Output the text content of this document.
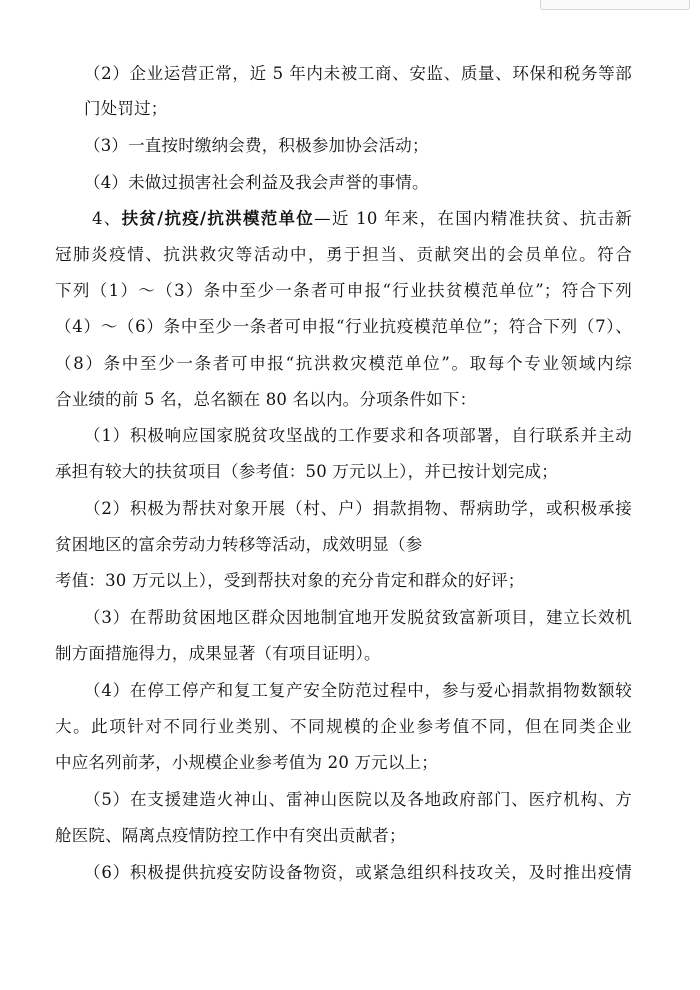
（2）企业运营正常，近 5 年内未被工商、安监、质量、环保和税务等部
门处罚过；
（3）一直按时缴纳会费，积极参加协会活动；
（4）未做过损害社会利益及我会声誉的事情。
4、扶贫/抗疫/抗洪模范单位—近 10 年来，在国内精准扶贫、抗击新
冠肺炎疫情、抗洪救灾等活动中，勇于担当、贡献突出的会员单位。符合
下列（1）～（3）条中至少一条者可申报“行业扶贫模范单位”；符合下列
（4）～（6）条中至少一条者可申报“行业抗疫模范单位”；符合下列（7）、
（8）条中至少一条者可申报“抗洪救灾模范单位”。取每个专业领域内综
合业绩的前 5 名，总名额在 80 名以内。分项条件如下：
（1）积极响应国家脱贫攻坚战的工作要求和各项部署，自行联系并主动
承担有较大的扶贫项目（参考值：50 万元以上），并已按计划完成；
（2）积极为帮扶对象开展（村、户）捐款捐物、帮病助学，或积极承接
贫困地区的富余劳动力转移等活动，成效明显（参
考值：30 万元以上），受到帮扶对象的充分肯定和群众的好评；
（3）在帮助贫困地区群众因地制宜地开发脱贫致富新项目，建立长效机
制方面措施得力，成果显著（有项目证明）。
（4）在停工停产和复工复产安全防范过程中，参与爱心捐款捐物数额较
大。此项针对不同行业类别、不同规模的企业参考值不同，但在同类企业
中应名列前茅，小规模企业参考值为 20 万元以上；
（5）在支援建造火神山、雷神山医院以及各地政府部门、医疗机构、方
舱医院、隔离点疫情防控工作中有突出贡献者；
（6）积极提供抗疫安防设备物资，或紧急组织科技攻关，及时推出疫情
